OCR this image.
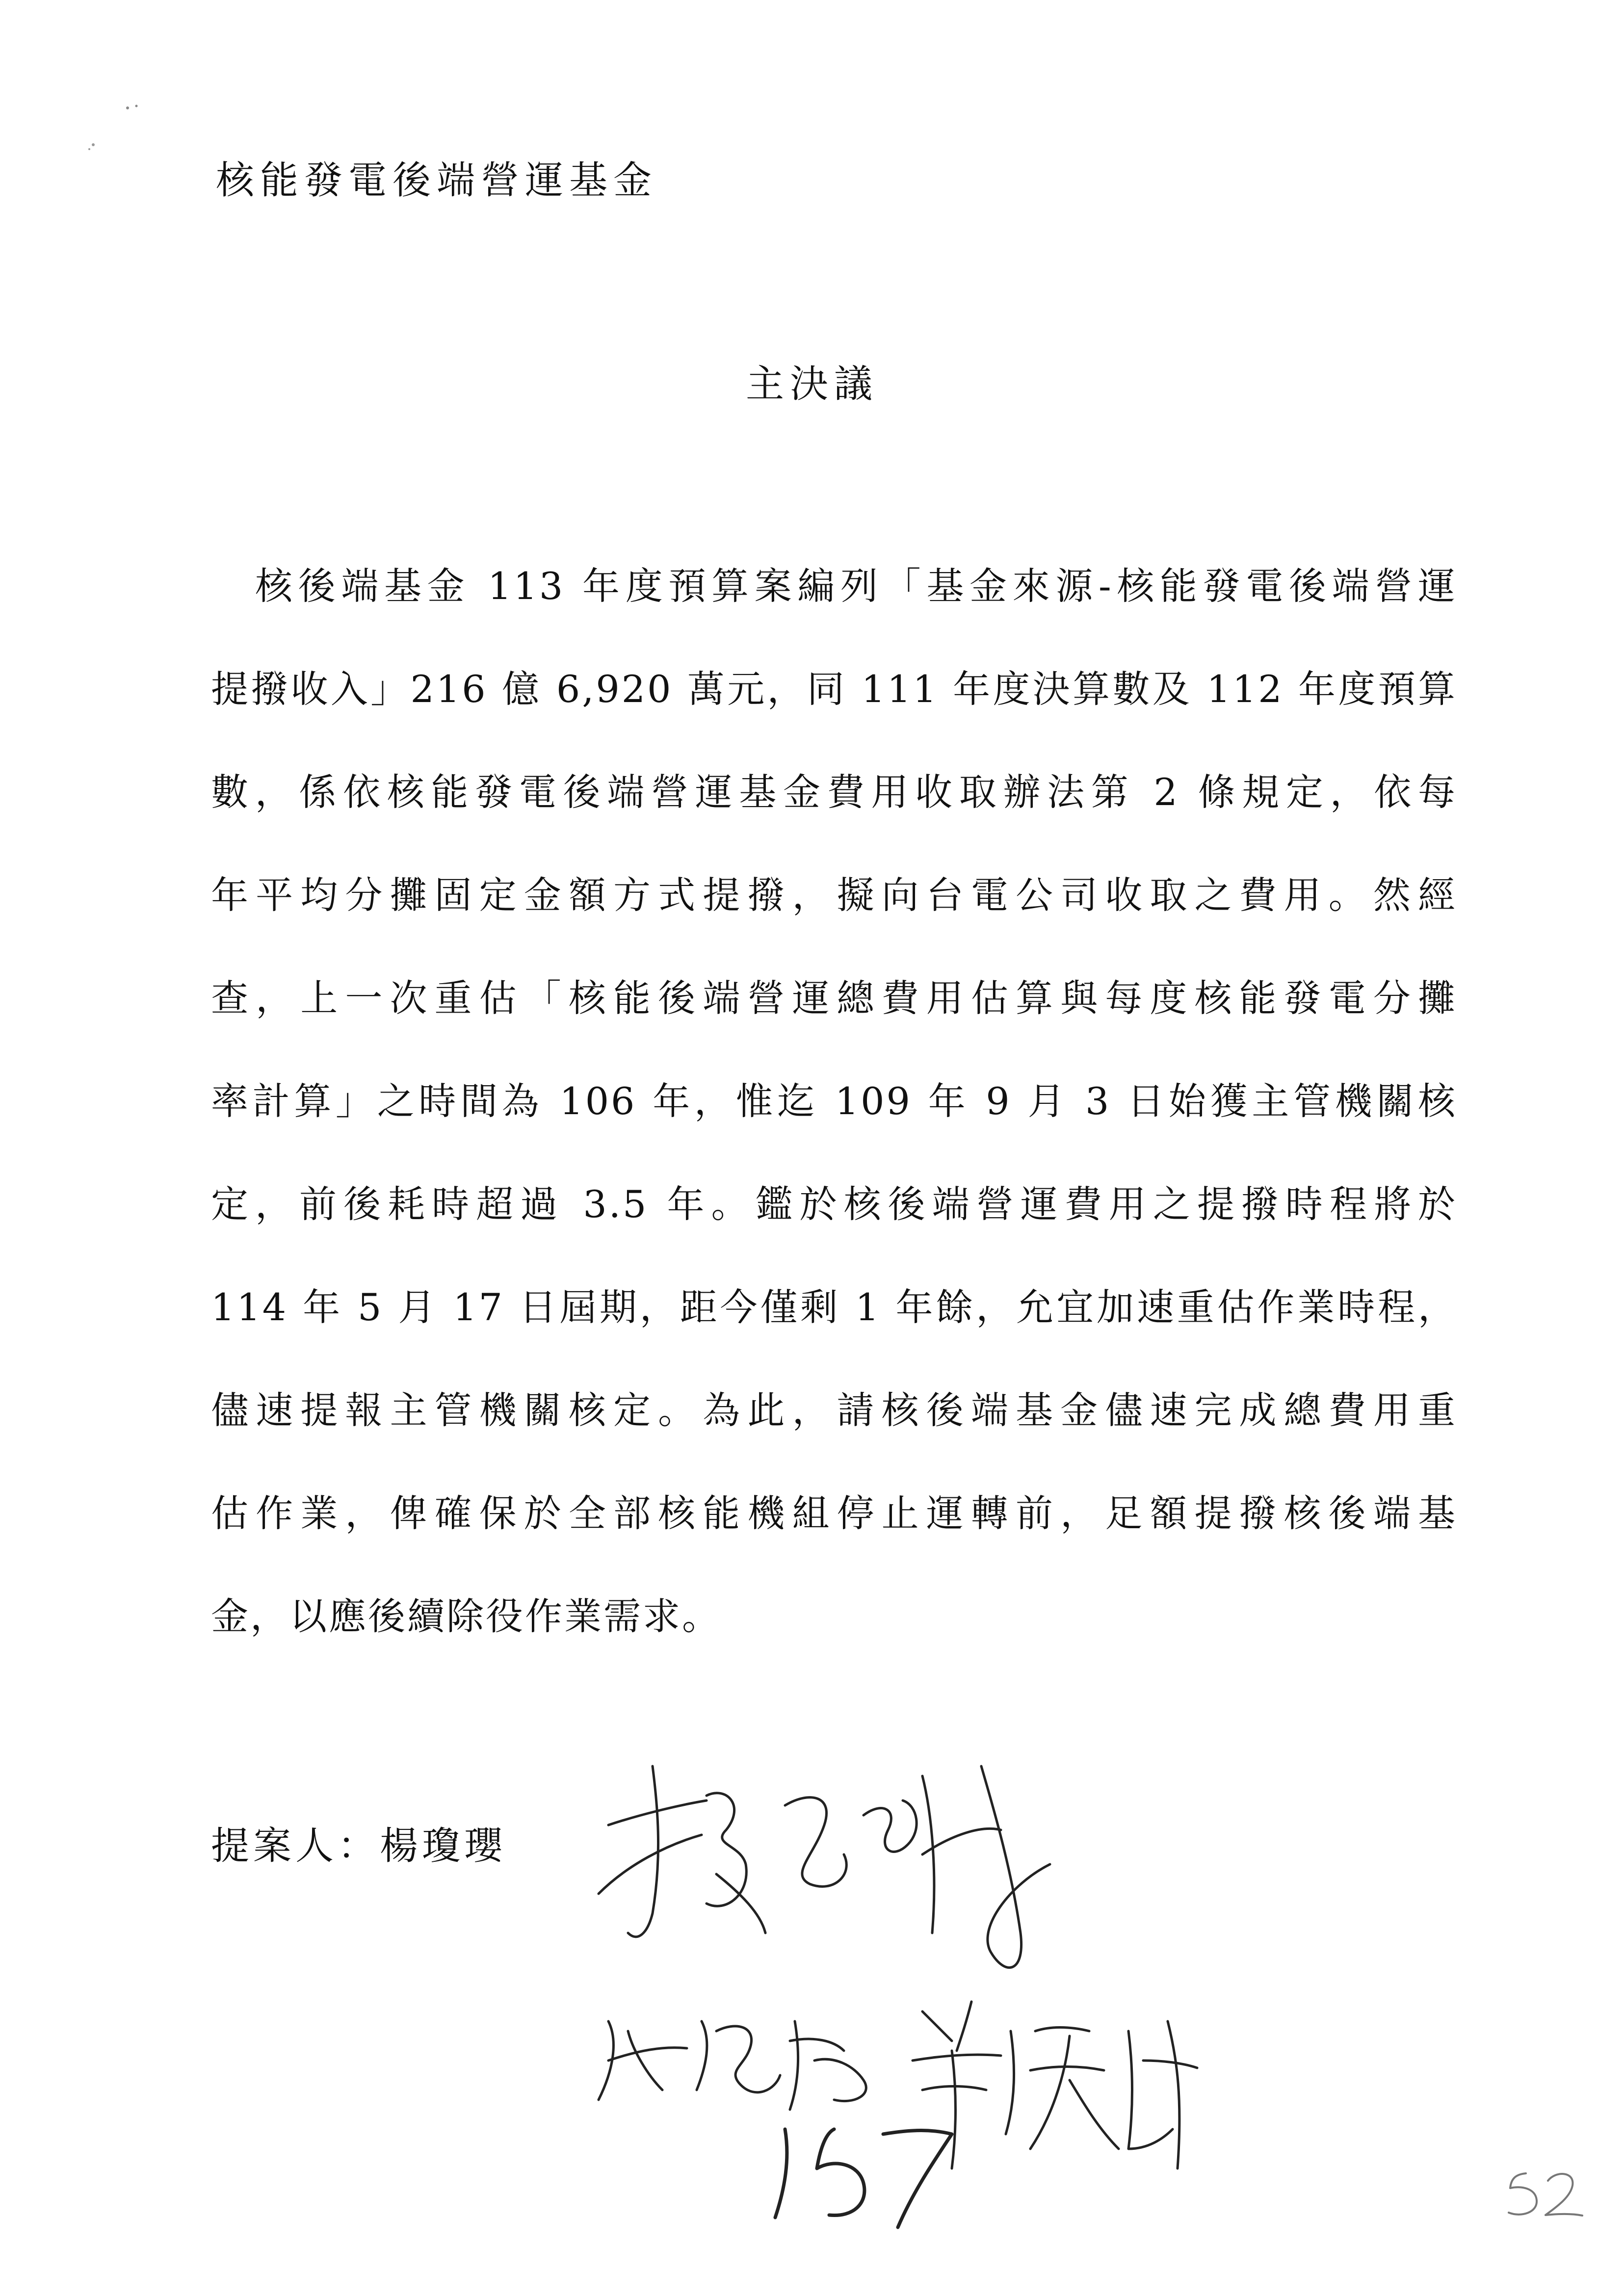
核能發電後端營運基金
主決議
核後端基金 113 年度預算案編列「基金來源-核能發電後端營運
提撥收入」216 億 6,920 萬元，同 111 年度決算數及 112 年度預算
數，係依核能發電後端營運基金費用收取辦法第 2 條規定，依每
年平均分攤固定金額方式提撥，擬向台電公司收取之費用。然經
查，上一次重估「核能後端營運總費用估算與每度核能發電分攤
率計算」之時間為 106 年，惟迄 109 年 9 月 3 日始獲主管機關核
定，前後耗時超過 3.5 年。鑑於核後端營運費用之提撥時程將於
114 年 5 月 17 日屆期，距今僅剩 1 年餘，允宜加速重估作業時程，
儘速提報主管機關核定。為此，請核後端基金儘速完成總費用重
估作業，俾確保於全部核能機組停止運轉前，足額提撥核後端基
金，以應後續除役作業需求。
提案人：楊瓊瓔
